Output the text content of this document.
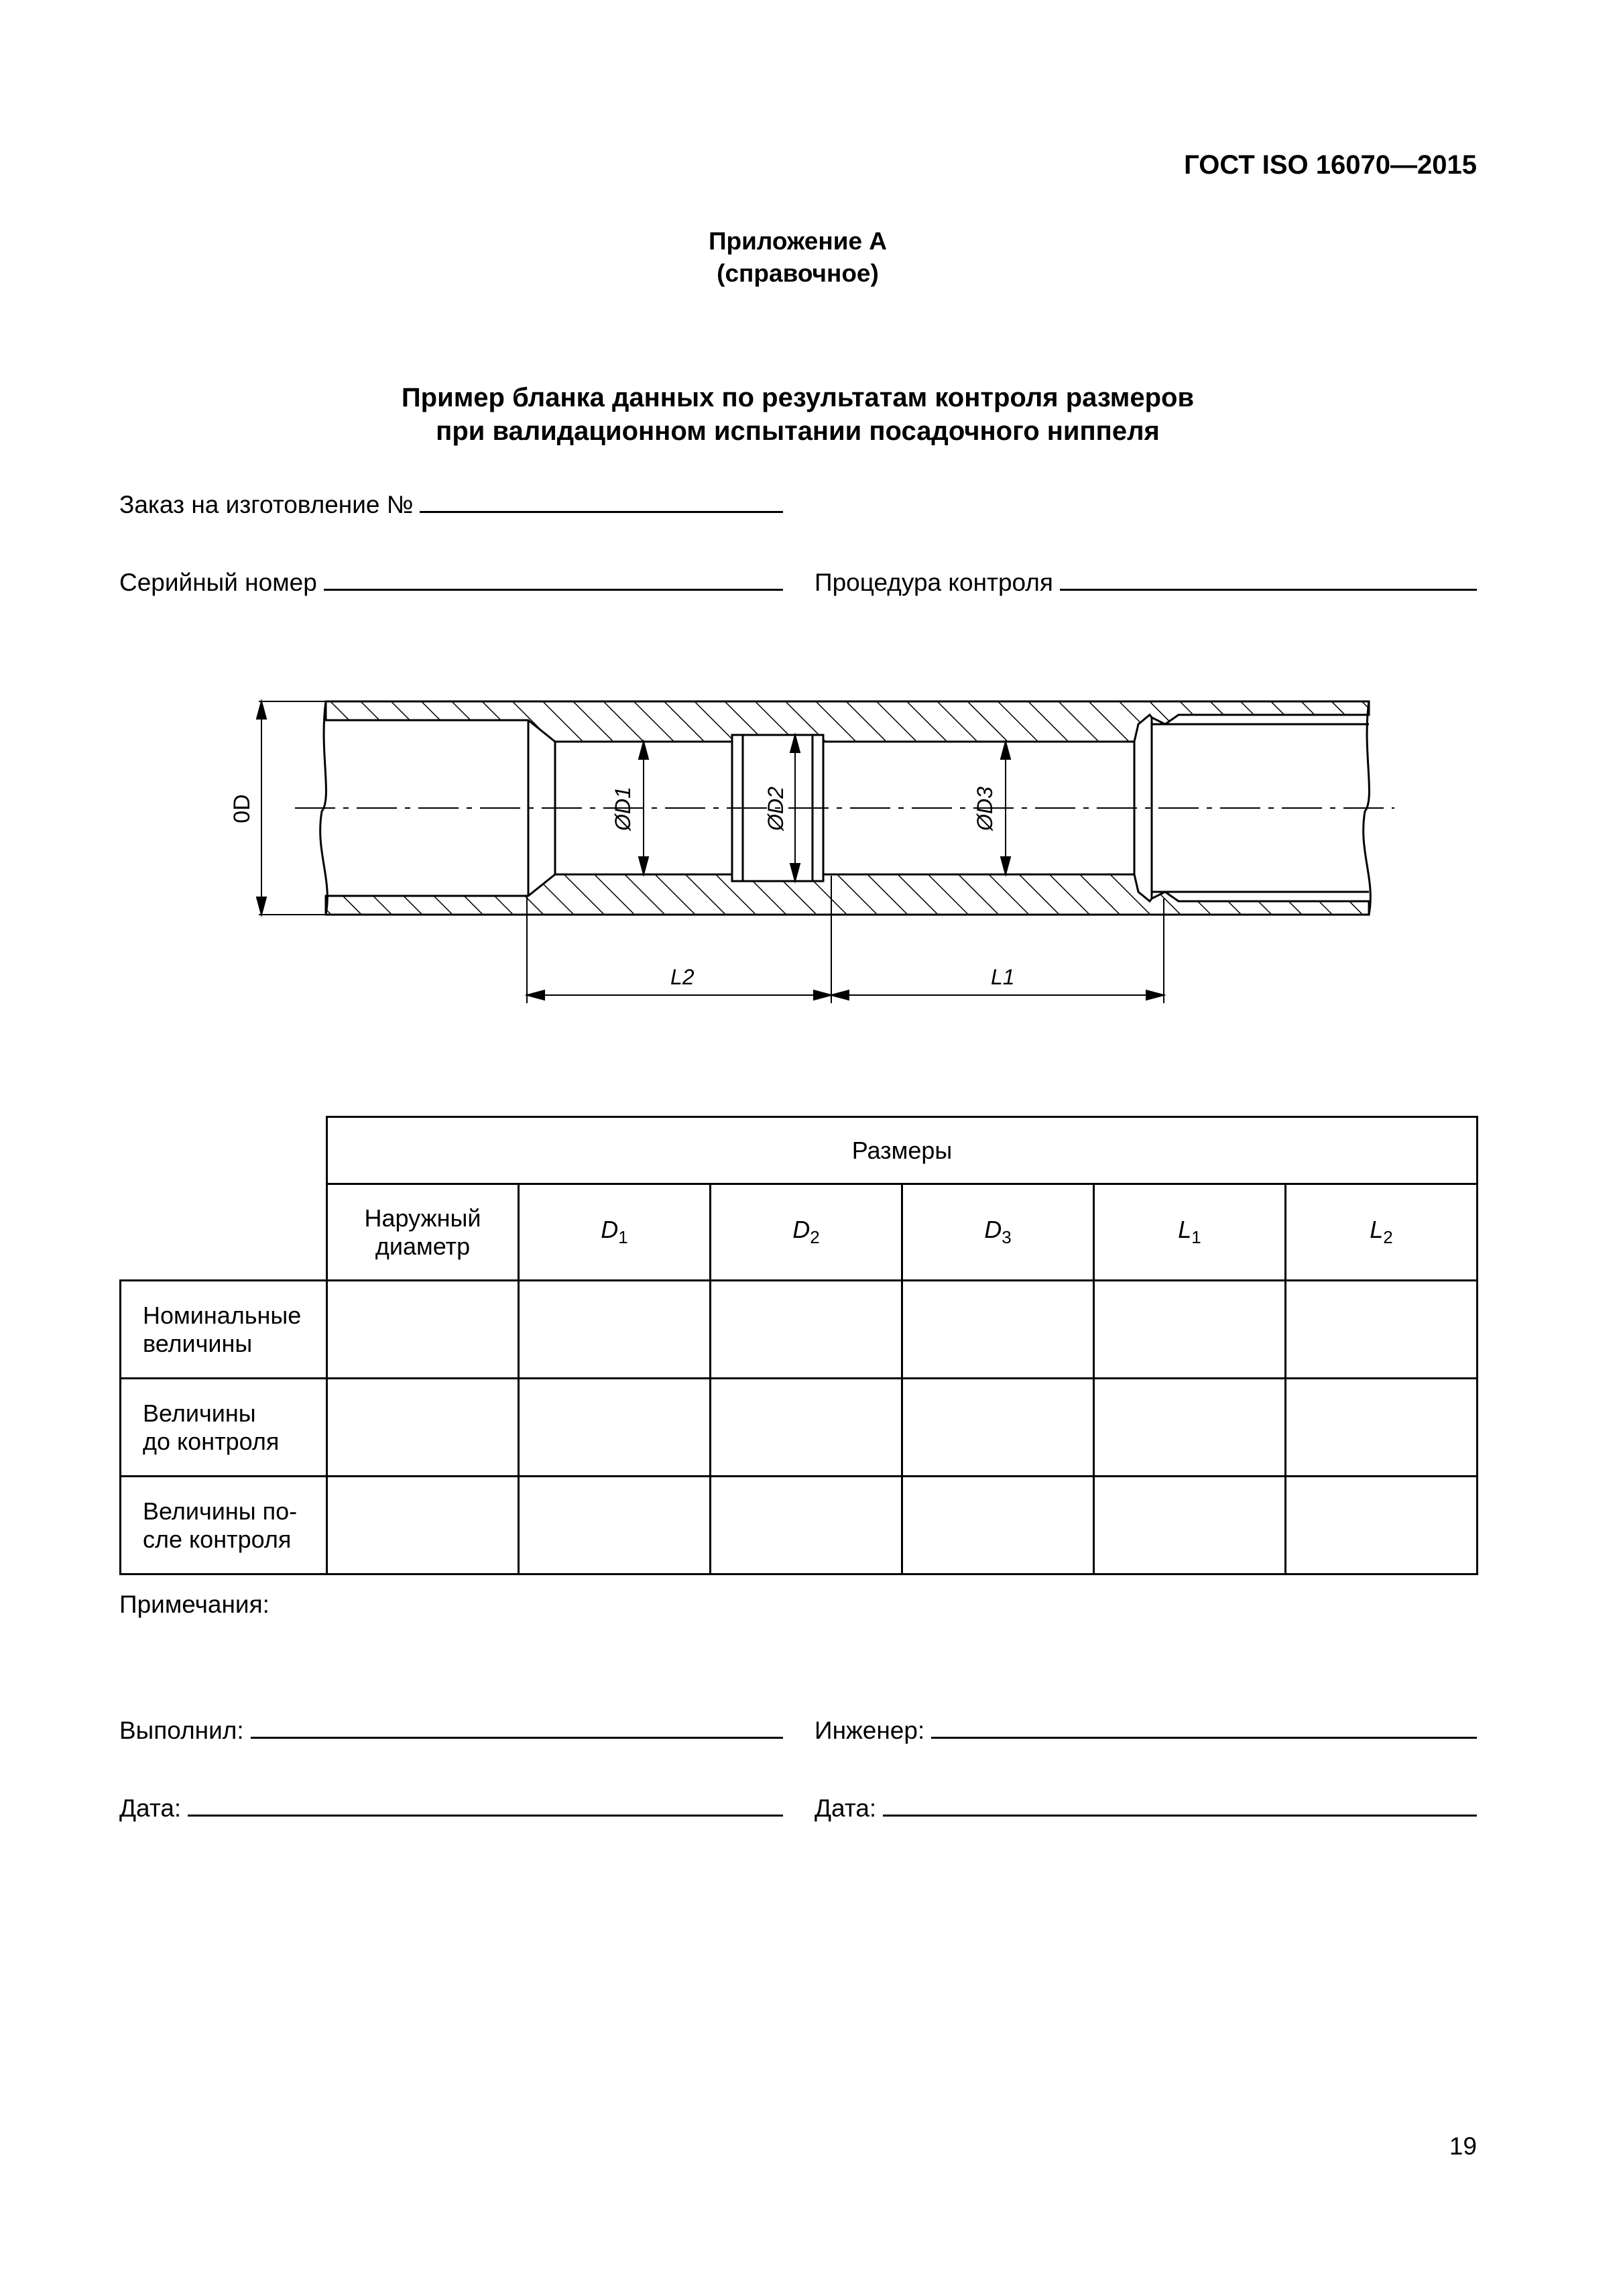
ГОСТ ISO 16070—2015
Приложение А
(справочное)
Пример бланка данных по результатам контроля размеров
при валидационном испытании посадочного ниппеля
Заказ на изготовление №
Серийный номер	Процедура контроля
0D	ØD1	ØD2	ØD3
L2	L1
	Размеры					

	Наружный
диаметр	$D_1$	$D_2$	$D_3$	$L_1$	$L_2$

Номинальные
величины						

Величины
до контроля						

Величины по-
сле контроля						

Примечания:
Выполнил:	Инженер:
Дата:	Дата:
19
